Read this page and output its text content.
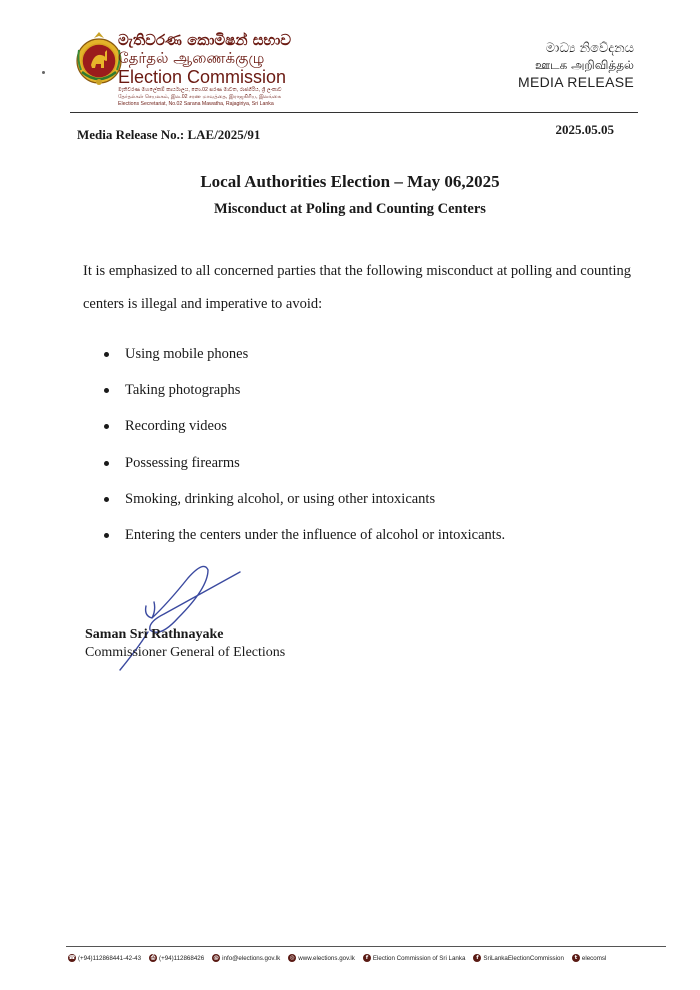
මැතිවරණ කොමිෂන් සභාව
தேர்தல் ஆணைக்குழு
Election Commission
මැතිවරණ මහලේකම් කාර්යාලය, නො.02 සරණ මාවත, රාජගිරිය, ශ්‍රී ලංකාව
தேர்தல்கள் செயலகம், இல.02 சரண மாவத்தை, இராஜகிரிய, இலங்கை
Elections Secretariat, No.02 Sarana Mawatha, Rajagiriya, Sri Lanka
මාධ්‍ය නිවේදනය
ஊடக அறிவித்தல்
MEDIA RELEASE
Media Release No.: LAE/2025/91	2025.05.05
Local Authorities Election – May 06,2025
Misconduct at Poling and Counting Centers
It is emphasized to all concerned parties that the following misconduct at polling and counting centers is illegal and imperative to avoid:
Using mobile phones
Taking photographs
Recording videos
Possessing firearms
Smoking, drinking alcohol, or using other intoxicants
Entering the centers under the influence of alcohol or intoxicants.
Saman Sri Rathnayake
Commissioner General of Elections
☎ (+94)112868441-42-43	⎙ (+94)112868426 @ info@elections.gov.lk ◎ www.elections.gov.lk	f Election Commission of Sri Lanka	f SriLankaElectionCommission	t elecomsl
